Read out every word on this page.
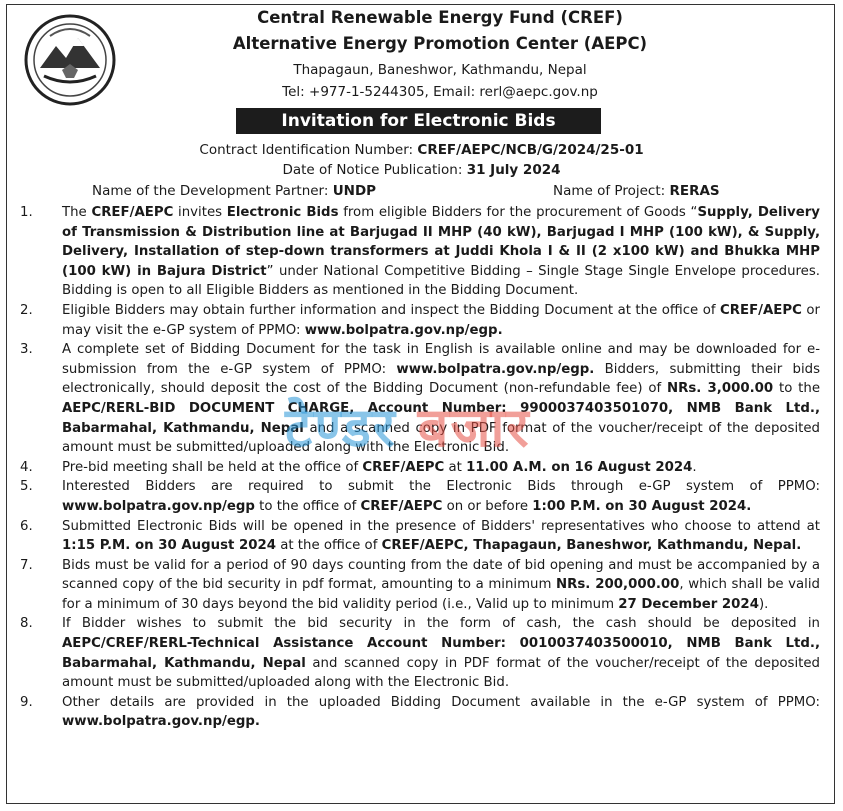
Central Renewable Energy Fund (CREF)
Alternative Energy Promotion Center (AEPC)
Thapagaun, Baneshwor, Kathmandu, Nepal
Tel: +977-1-5244305, Email: rerl@aepc.gov.np
Invitation for Electronic Bids
Contract Identification Number: CREF/AEPC/NCB/G/2024/25-01
Date of Notice Publication: 31 July 2024
Name of the Development Partner: UNDP	Name of Project: RERAS
1.	The CREF/AEPC invites Electronic Bids from eligible Bidders for the procurement of Goods “Supply, Delivery of Transmission & Distribution line at Barjugad II MHP (40 kW), Barjugad I MHP (100 kW), & Supply, Delivery, Installation of step-down transformers at Juddi Khola I & II (2 x100 kW) and Bhukka MHP (100 kW) in Bajura District” under National Competitive Bidding – Single Stage Single Envelope procedures. Bidding is open to all Eligible Bidders as mentioned in the Bidding Document.
2.	Eligible Bidders may obtain further information and inspect the Bidding Document at the office of CREF/AEPC or may visit the e-GP system of PPMO: www.bolpatra.gov.np/egp.
3.	A complete set of Bidding Document for the task in English is available online and may be downloaded for e-submission from the e-GP system of PPMO: www.bolpatra.gov.np/egp. Bidders, submitting their bids electronically, should deposit the cost of the Bidding Document (non-refundable fee) of NRs. 3,000.00 to the AEPC/RERL-BID DOCUMENT CHARGE, Account Number: 9900037403501070, NMB Bank Ltd., Babarmahal, Kathmandu, Nepal and a scanned copy in PDF format of the voucher/receipt of the deposited amount must be submitted/uploaded along with the Electronic Bid.
4.	Pre-bid meeting shall be held at the office of CREF/AEPC at 11.00 A.M. on 16 August 2024.
5.	Interested Bidders are required to submit the Electronic Bids through e-GP system of PPMO: www.bolpatra.gov.np/egp to the office of CREF/AEPC on or before 1:00 P.M. on 30 August 2024.
6.	Submitted Electronic Bids will be opened in the presence of Bidders' representatives who choose to attend at 1:15 P.M. on 30 August 2024 at the office of CREF/AEPC, Thapagaun, Baneshwor, Kathmandu, Nepal.
7.	Bids must be valid for a period of 90 days counting from the date of bid opening and must be accompanied by a scanned copy of the bid security in pdf format, amounting to a minimum NRs. 200,000.00, which shall be valid for a minimum of 30 days beyond the bid validity period (i.e., Valid up to minimum 27 December 2024).
8.	If Bidder wishes to submit the bid security in the form of cash, the cash should be deposited in AEPC/CREF/RERL-Technical Assistance Account Number: 0010037403500010, NMB Bank Ltd., Babarmahal, Kathmandu, Nepal and scanned copy in PDF format of the voucher/receipt of the deposited amount must be submitted/uploaded along with the Electronic Bid.
9.	Other details are provided in the uploaded Bidding Document available in the e-GP system of PPMO: www.bolpatra.gov.np/egp.
टेण्डर बजार
